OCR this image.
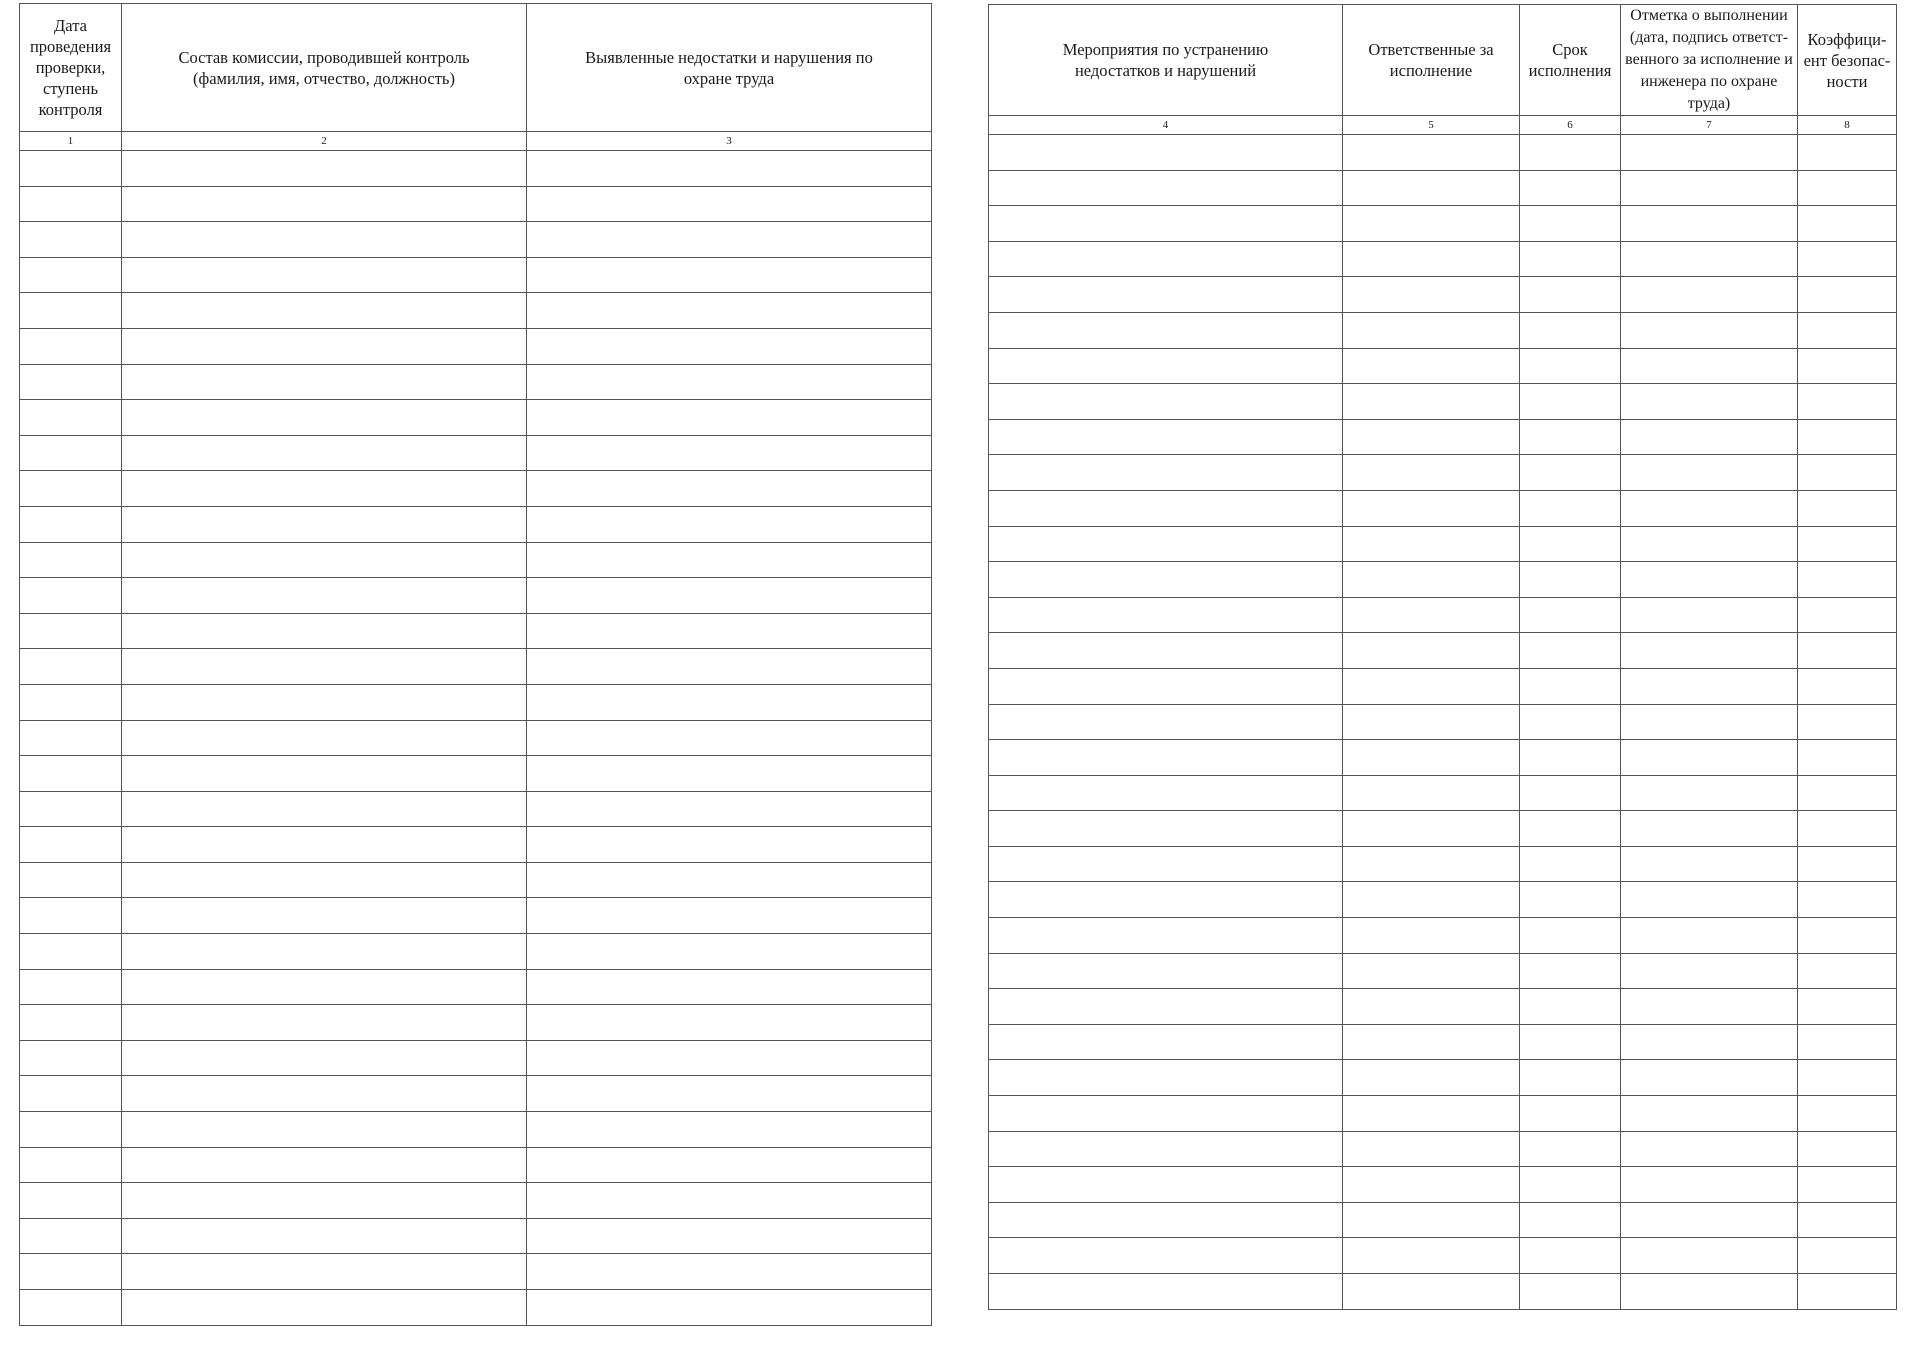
Дата проведения проверки, ступень контроля	Состав комиссии, проводившей контроль (фамилия, имя, отчество, должность)	Выявленные недостатки и нарушения по охране труда
1	2	3

Мероприятия по устранению недостатков и нарушений	Ответственные за исполнение	Срок исполнения	Отметка о выполнении (дата, подпись ответственного за исполнение и инженера по охране труда)	Коэффициент безопасности
4	5	6	7	8
